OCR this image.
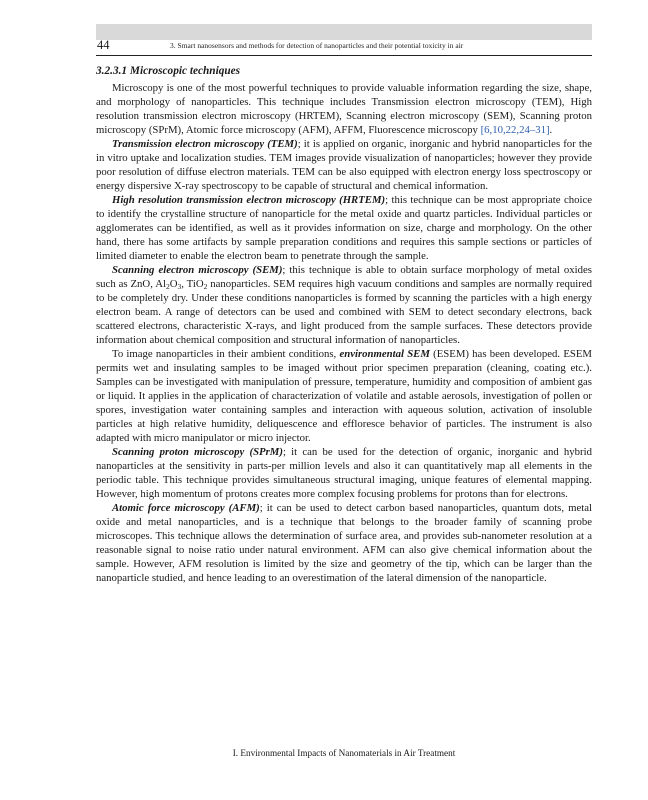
44	3. Smart nanosensors and methods for detection of nanoparticles and their potential toxicity in air
3.2.3.1 Microscopic techniques

Microscopy is one of the most powerful techniques to provide valuable information regarding the size, shape, and morphology of nanoparticles. This technique includes Transmission electron microscopy (TEM), High resolution transmission electron microscopy (HRTEM), Scanning electron microscopy (SEM), Scanning proton microscopy (SPrM), Atomic force microscopy (AFM), AFFM, Fluorescence microscopy [6,10,22,24–31].

Transmission electron microscopy (TEM); it is applied on organic, inorganic and hybrid nanoparticles for the in vitro uptake and localization studies. TEM images provide visualization of nanoparticles; however they provide poor resolution of diffuse electron materials. TEM can be also equipped with electron energy loss spectroscopy or energy dispersive X-ray spectroscopy to be capable of structural and chemical information.

High resolution transmission electron microscopy (HRTEM); this technique can be most appropriate choice to identify the crystalline structure of nanoparticle for the metal oxide and quartz particles. Individual particles or agglomerates can be identified, as well as it provides information on size, charge and morphology. On the other hand, there has some artifacts by sample preparation conditions and requires this sample sections or particles of limited diameter to enable the electron beam to penetrate through the sample.

Scanning electron microscopy (SEM); this technique is able to obtain surface morphology of metal oxides such as ZnO, $Al_2O_3$, TiO$_2$ nanoparticles. SEM requires high vacuum conditions and samples are normally required to be completely dry. Under these conditions nanoparticles is formed by scanning the particles with a high energy electron beam. A range of detectors can be used and combined with SEM to detect secondary electrons, back scattered electrons, characteristic X-rays, and light produced from the sample surfaces. These detectors provide information about chemical composition and structural information of nanoparticles.

To image nanoparticles in their ambient conditions, environmental SEM (ESEM) has been developed. ESEM permits wet and insulating samples to be imaged without prior specimen preparation (cleaning, coating etc.). Samples can be investigated with manipulation of pressure, temperature, humidity and composition of ambient gas or liquid. It applies in the application of characterization of volatile and astable aerosols, investigation of pollen or spores, investigation water containing samples and interaction with aqueous solution, activation of insoluble particles at high relative humidity, deliquescence and effloresce behavior of particles. The instrument is also adapted with micro manipulator or micro injector.

Scanning proton microscopy (SPrM); it can be used for the detection of organic, inorganic and hybrid nanoparticles at the sensitivity in parts-per million levels and also it can quantitatively map all elements in the periodic table. This technique provides simultaneous structural imaging, unique features of elemental mapping. However, high momentum of protons creates more complex focusing problems for protons than for electrons.

Atomic force microscopy (AFM); it can be used to detect carbon based nanoparticles, quantum dots, metal oxide and metal nanoparticles, and is a technique that belongs to the broader family of scanning probe microscopes. This technique allows the determination of surface area, and provides sub-nanometer resolution at a reasonable signal to noise ratio under natural environment. AFM can also give chemical information about the sample. However, AFM resolution is limited by the size and geometry of the tip, which can be larger than the nanoparticle studied, and hence leading to an overestimation of the lateral dimension of the nanoparticle.

I. Environmental Impacts of Nanomaterials in Air Treatment
